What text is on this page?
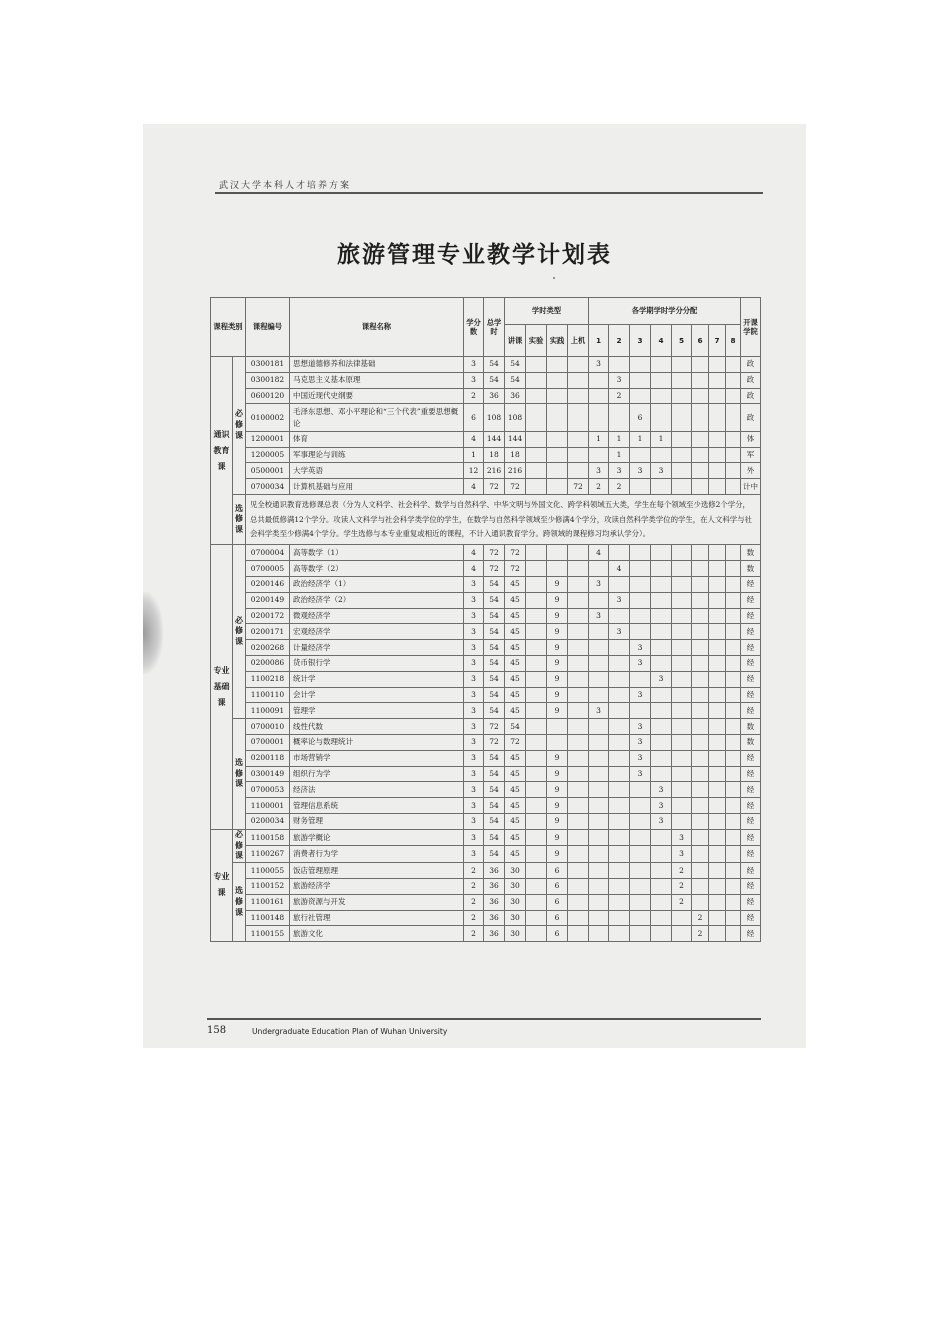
武汉大学本科人才培养方案
旅游管理专业教学计划表
课程类别		课程编号	课程名称	学分数	总学时	学时类型				各学期学时学分分配								开课学院
						讲课	实验	实践	上机	1	2	3	4	5	6	7	8	
通识教育课	必修课	0300181	思想道德修养和法律基础	3	54	54				3								政
		0300182	马克思主义基本原理	3	54	54					3							政
		0600120	中国近现代史纲要	2	36	36					2							政
		0100002	毛泽东思想、邓小平理论和“三个代表”重要思想概论	6	108	108						6						政
		1200001	体育	4	144	144				1	1	1	1					体
		1200005	军事理论与训练	1	18	18					1							军
		0500001	大学英语	12	216	216				3	3	3	3					外
		0700034	计算机基础与应用	4	72	72			72	2	2							计中
	选修课	见全校通识教育选修课总表（分为人文科学、社会科学、数学与自然科学、中华文明与外国文化、跨学科领域五大类，学生在每个领域至少选修2个学分，总共最低修满12个学分。攻读人文科学与社会科学类学位的学生，在数学与自然科学领域至少修满4个学分，攻读自然科学类学位的学生，在人文科学与社会科学类至少修满4个学分。学生选修与本专业重复或相近的课程，不计入通识教育学分。跨领域的课程修习均承认学分）。																
专业基础课	必修课	0700004	高等数学（1）	4	72	72				4								数
		0700005	高等数学（2）	4	72	72					4							数
		0200146	政治经济学（1）	3	54	45		9		3								经
		0200149	政治经济学（2）	3	54	45		9			3							经
		0200172	微观经济学	3	54	45		9		3								经
		0200171	宏观经济学	3	54	45		9			3							经
		0200268	计量经济学	3	54	45		9				3						经
		0200086	货币银行学	3	54	45		9				3						经
		1100218	统计学	3	54	45		9					3					经
		1100110	会计学	3	54	45		9				3						经
		1100091	管理学	3	54	45		9		3								经
	选修课	0700010	线性代数	3	72	54						3						数
		0700001	概率论与数理统计	3	72	72						3						数
		0200118	市场营销学	3	54	45		9				3						经
		0300149	组织行为学	3	54	45		9				3						经
		0700053	经济法	3	54	45		9					3					经
		1100001	管理信息系统	3	54	45		9					3					经
		0200034	财务管理	3	54	45		9					3					经
专业课	必修课	1100158	旅游学概论	3	54	45		9						3				经
		1100267	消费者行为学	3	54	45		9						3				经
	选修课	1100055	饭店管理原理	2	36	30		6						2				经
		1100152	旅游经济学	2	36	30		6						2				经
		1100161	旅游资源与开发	2	36	30		6						2				经
		1100148	旅行社管理	2	36	30		6							2			经
		1100155	旅游文化	2	36	30		6							2			经
158	Undergraduate Education Plan of Wuhan University
